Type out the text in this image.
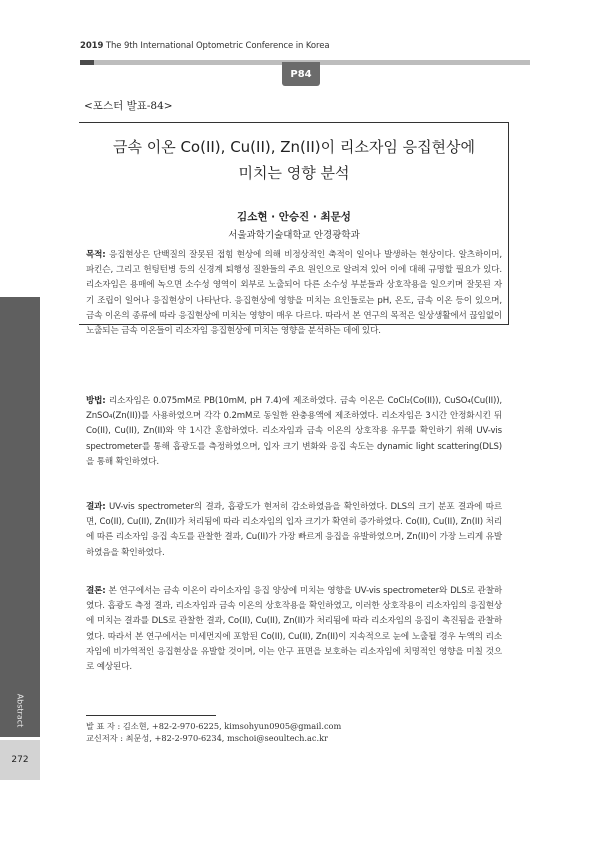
2019 The 9th International Optometric Conference in Korea
P84
<포스터 발표-84>
금속 이온 Co(II), Cu(II), Zn(II)이 리소자임 응집현상에
미치는 영향 분석
김소현 · 안승진 · 최문성
서울과학기술대학교 안경광학과
목적: 응집현상은 단백질의 잘못된 접힘 현상에 의해 비정상적인 축적이 일어나 발생하는 현상이다. 알츠하이머, 파킨슨, 그리고 헌팅턴병 등의 신경계 퇴행성 질환들의 주요 원인으로 알려져 있어 이에 대해 규명할 필요가 있다. 리소자임은 용매에 녹으면 소수성 영역이 외부로 노출되어 다른 소수성 부분들과 상호작용을 일으키며 잘못된 자기 조립이 일어나 응집현상이 나타난다. 응집현상에 영향을 미치는 요인들로는 pH, 온도, 금속 이온 등이 있으며, 금속 이온의 종류에 따라 응집현상에 미치는 영향이 매우 다르다. 따라서 본 연구의 목적은 일상생활에서 끊임없이 노출되는 금속 이온들이 리소자임 응집현상에 미치는 영향을 분석하는 데에 있다.
방법: 리소자임은 0.075mM로 PB(10mM, pH 7.4)에 제조하였다. 금속 이온은 CoCl₂(Co(II)), CuSO₄(Cu(II)), ZnSO₄(Zn(II))를 사용하였으며 각각 0.2mM로 동일한 완충용액에 제조하였다. 리소자임은 3시간 안정화시킨 뒤 Co(II), Cu(II), Zn(II)와 약 1시간 혼합하였다. 리소자임과 금속 이온의 상호작용 유무를 확인하기 위해 UV-vis spectrometer를 통해 흡광도를 측정하였으며, 입자 크기 변화와 응집 속도는 dynamic light scattering(DLS)을 통해 확인하였다.
결과: UV-vis spectrometer의 결과, 흡광도가 현저히 감소하였음을 확인하였다. DLS의 크기 분포 결과에 따르면, Co(II), Cu(II), Zn(II)가 처리됨에 따라 리소자임의 입자 크기가 확연히 증가하였다. Co(II), Cu(II), Zn(II) 처리에 따른 리소자임 응집 속도를 관찰한 결과, Cu(II)가 가장 빠르게 응집을 유발하였으며, Zn(II)이 가장 느리게 유발하였음을 확인하였다.
결론: 본 연구에서는 금속 이온이 라이소자임 응집 양상에 미치는 영향을 UV-vis spectrometer와 DLS로 관찰하였다. 흡광도 측정 결과, 리소자임과 금속 이온의 상호작용을 확인하였고, 이러한 상호작용이 리소자임의 응집현상에 미치는 결과를 DLS로 관찰한 결과, Co(II), Cu(II), Zn(II)가 처리됨에 따라 리소자임의 응집이 촉진됨을 관찰하였다. 따라서 본 연구에서는 미세먼지에 포함된 Co(II), Cu(II), Zn(II)이 지속적으로 눈에 노출될 경우 누액의 리소자임에 비가역적인 응집현상을 유발할 것이며, 이는 안구 표면을 보호하는 리소자임에 치명적인 영향을 미칠 것으로 예상된다.
발 표 자 : 김소현, +82-2-970-6225, kimsohyun0905@gmail.com
교신저자 : 최문성, +82-2-970-6234, mschoi@seoultech.ac.kr
Abstract
272
